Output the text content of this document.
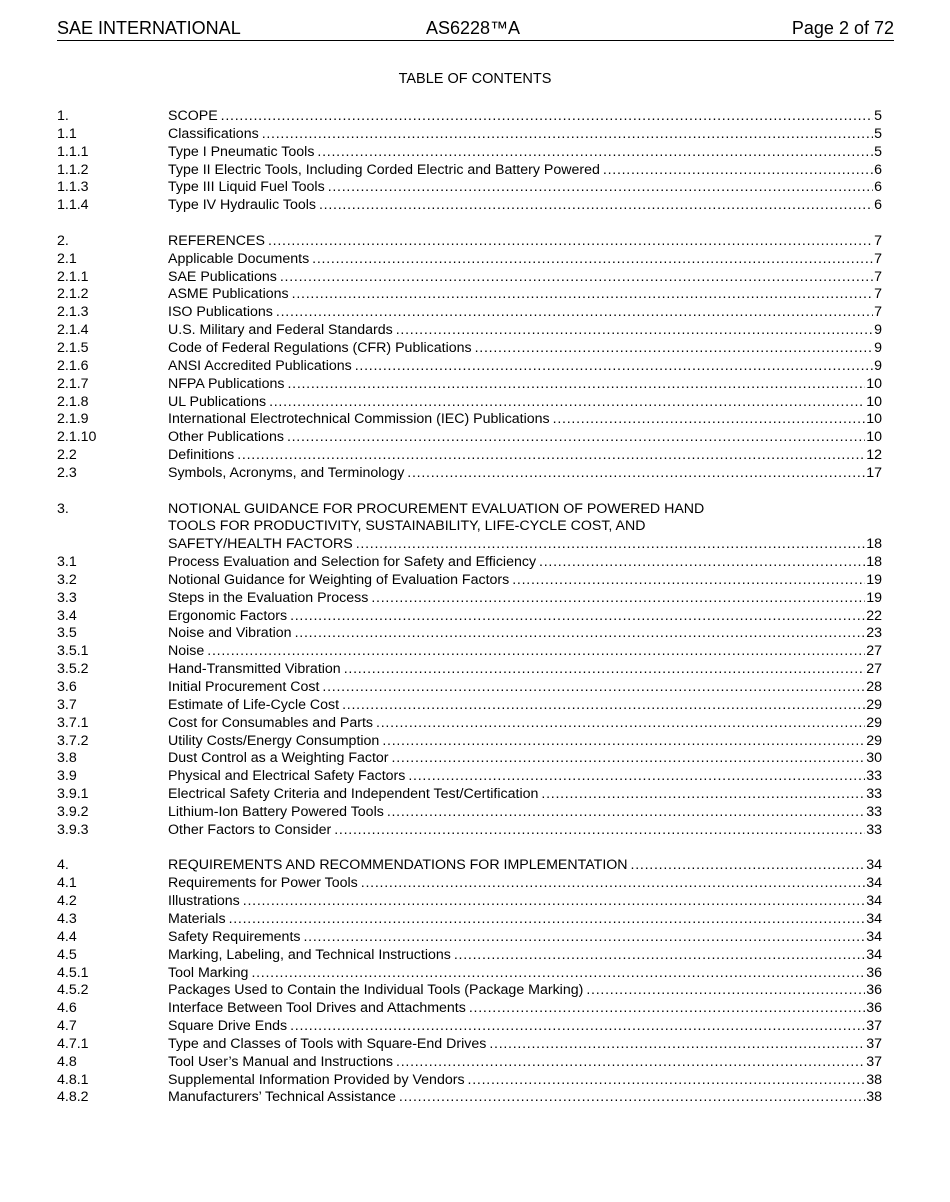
SAE INTERNATIONAL	AS6228™A	Page 2 of 72
TABLE OF CONTENTS
1.	SCOPE . . .	5
1.1	Classifications . . .	5
1.1.1	Type I Pneumatic Tools . . .	5
1.1.2	Type II Electric Tools, Including Corded Electric and Battery Powered . . .	6
1.1.3	Type III Liquid Fuel Tools . . .	6
1.1.4	Type IV Hydraulic Tools . . .	6
2.	REFERENCES . . .	7
2.1	Applicable Documents . . .	7
2.1.1	SAE Publications . . .	7
2.1.2	ASME Publications . . .	7
2.1.3	ISO Publications . . .	7
2.1.4	U.S. Military and Federal Standards . . .	9
2.1.5	Code of Federal Regulations (CFR) Publications . . .	9
2.1.6	ANSI Accredited Publications . . .	9
2.1.7	NFPA Publications . . .	10
2.1.8	UL Publications . . .	10
2.1.9	International Electrotechnical Commission (IEC) Publications . . .	10
2.1.10	Other Publications . . .	10
2.2	Definitions . . .	12
2.3	Symbols, Acronyms, and Terminology . . .	17
3.	NOTIONAL GUIDANCE FOR PROCUREMENT EVALUATION OF POWERED HAND
TOOLS FOR PRODUCTIVITY, SUSTAINABILITY, LIFE-CYCLE COST, AND
SAFETY/HEALTH FACTORS . . .	18
3.1	Process Evaluation and Selection for Safety and Efficiency . . .	18
3.2	Notional Guidance for Weighting of Evaluation Factors . . .	19
3.3	Steps in the Evaluation Process . . .	19
3.4	Ergonomic Factors . . .	22
3.5	Noise and Vibration . . .	23
3.5.1	Noise . . .	27
3.5.2	Hand-Transmitted Vibration . . .	27
3.6	Initial Procurement Cost . . .	28
3.7	Estimate of Life-Cycle Cost . . .	29
3.7.1	Cost for Consumables and Parts . . .	29
3.7.2	Utility Costs/Energy Consumption . . .	29
3.8	Dust Control as a Weighting Factor . . .	30
3.9	Physical and Electrical Safety Factors . . .	33
3.9.1	Electrical Safety Criteria and Independent Test/Certification . . .	33
3.9.2	Lithium-Ion Battery Powered Tools . . .	33
3.9.3	Other Factors to Consider . . .	33
4.	REQUIREMENTS AND RECOMMENDATIONS FOR IMPLEMENTATION . . .	34
4.1	Requirements for Power Tools . . .	34
4.2	Illustrations . . .	34
4.3	Materials . . .	34
4.4	Safety Requirements . . .	34
4.5	Marking, Labeling, and Technical Instructions . . .	34
4.5.1	Tool Marking . . .	36
4.5.2	Packages Used to Contain the Individual Tools (Package Marking) . . .	36
4.6	Interface Between Tool Drives and Attachments . . .	36
4.7	Square Drive Ends . . .	37
4.7.1	Type and Classes of Tools with Square-End Drives . . .	37
4.8	Tool User’s Manual and Instructions . . .	37
4.8.1	Supplemental Information Provided by Vendors . . .	38
4.8.2	Manufacturers’ Technical Assistance . . .	38
